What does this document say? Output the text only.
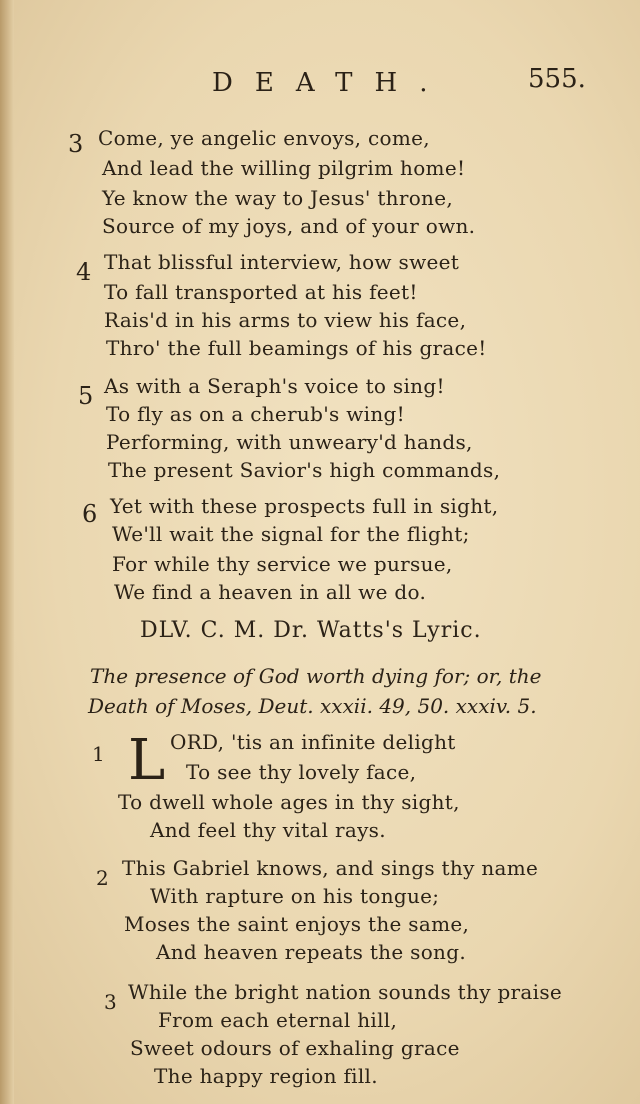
DEATH.	555.
3 Come, ye angelic envoys, come,
And lead the willing pilgrim home!
Ye know the way to Jesus' throne,
Source of my joys, and of your own.
4 That blissful interview, how sweet
To fall transported at his feet!
Rais'd in his arms to view his face,
Thro' the full beamings of his grace!
5 As with a Seraph's voice to sing!
To fly as on a cherub's wing!
Performing, with unweary'd hands,
The present Savior's high commands,
6 Yet with these prospects full in sight,
We'll wait the signal for the flight;
For while thy service we pursue,
We find a heaven in all we do.
DLV. C. M. Dr. Watts's Lyric.
The presence of God worth dying for; or, the
Death of Moses, Deut. xxxii. 49, 50. xxxiv. 5.
1 L ORD, 'tis an infinite delight
To see thy lovely face,
To dwell whole ages in thy sight,
And feel thy vital rays.
2 This Gabriel knows, and sings thy name
With rapture on his tongue;
Moses the saint enjoys the same,
And heaven repeats the song.
3 While the bright nation sounds thy praise
From each eternal hill,
Sweet odours of exhaling grace
The happy region fill.
